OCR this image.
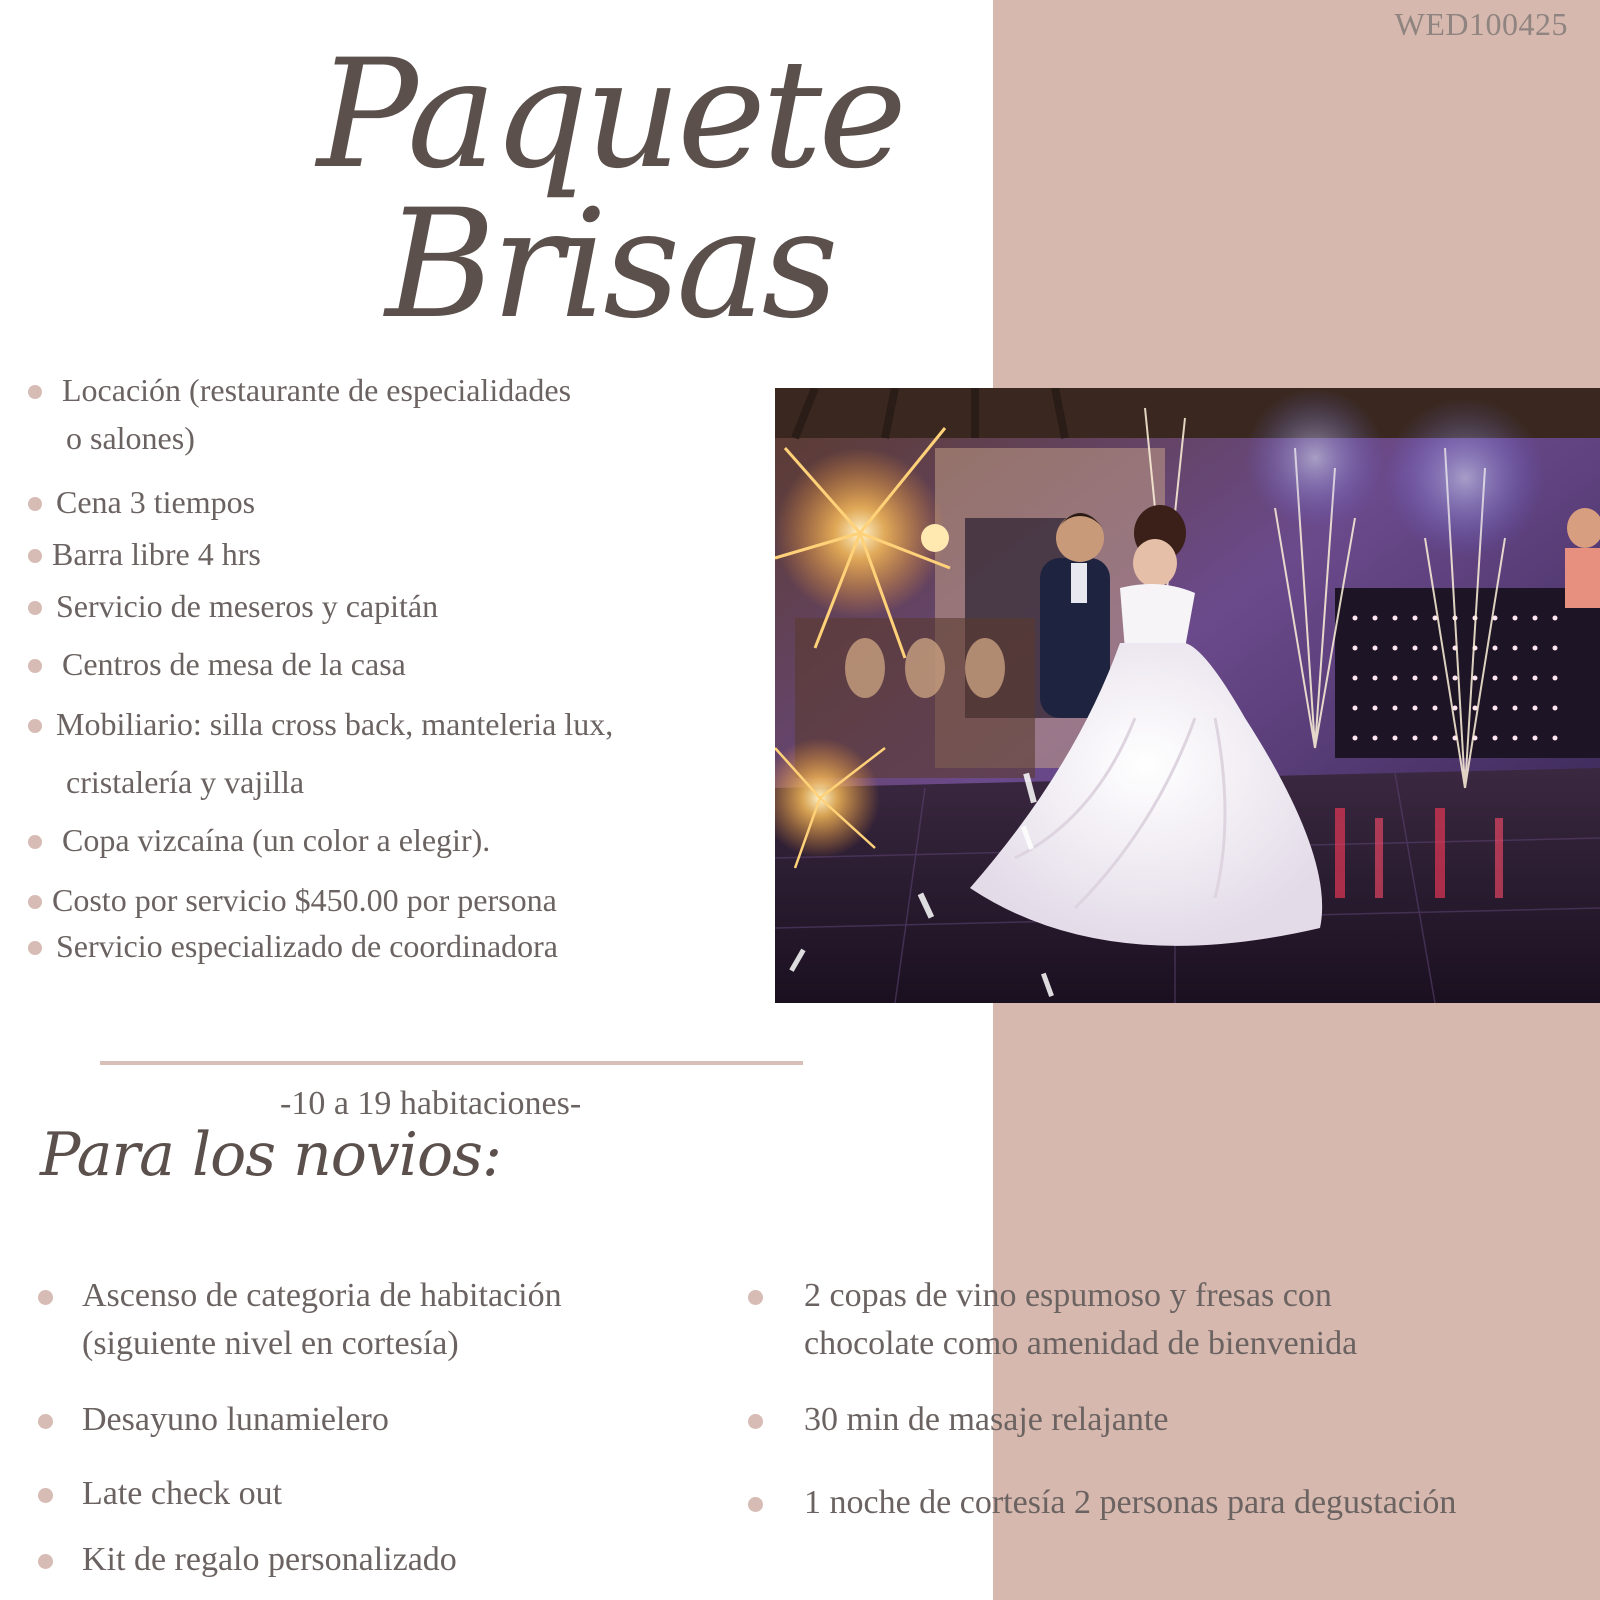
WED100425
Paquete Brisas
Locación (restaurante de especialidades
o salones)
Cena 3 tiempos
Barra libre 4 hrs
Servicio de meseros y capitán
Centros de mesa de la casa
Mobiliario: silla cross back, manteleria lux,
cristalería y vajilla
Copa vizcaína (un color a elegir).
Costo por servicio $450.00 por persona
Servicio especializado de coordinadora
-10 a 19 habitaciones-
Para los novios:
Ascenso de categoria de habitación
(siguiente nivel en cortesía)
Desayuno lunamielero
Late check out
Kit de regalo personalizado
2 copas de vino espumoso y fresas con
chocolate como amenidad de bienvenida
30 min de masaje relajante
1 noche de cortesía 2 personas para degustación
